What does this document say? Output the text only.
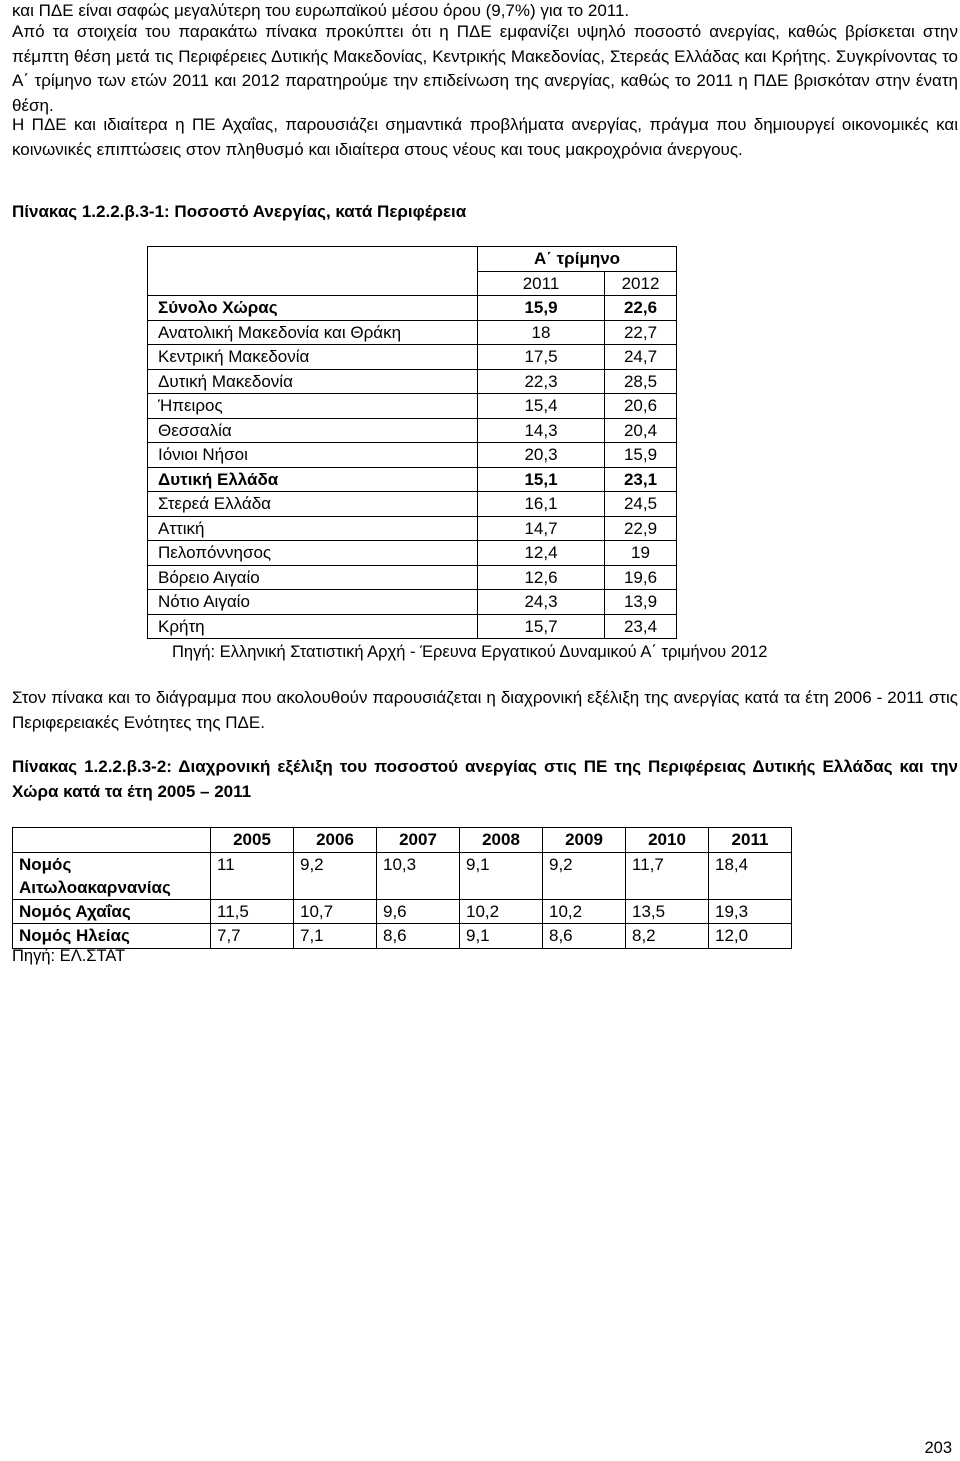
και ΠΔΕ είναι σαφώς μεγαλύτερη του ευρωπαϊκού μέσου όρου (9,7%) για το 2011.

Από τα στοιχεία του παρακάτω πίνακα προκύπτει ότι η ΠΔΕ εμφανίζει υψηλό ποσοστό ανεργίας, καθώς βρίσκεται στην πέμπτη θέση μετά τις Περιφέρειες Δυτικής Μακεδονίας, Κεντρικής Μακεδονίας, Στερεάς Ελλάδας και Κρήτης. Συγκρίνοντας το Α΄ τρίμηνο των ετών 2011 και 2012 παρατηρούμε την επιδείνωση της ανεργίας, καθώς το 2011 η ΠΔΕ βρισκόταν στην ένατη θέση.

Η ΠΔΕ και ιδιαίτερα η ΠΕ Αχαΐας, παρουσιάζει σημαντικά προβλήματα ανεργίας, πράγμα που δημιουργεί οικονομικές και κοινωνικές επιπτώσεις στον πληθυσμό και ιδιαίτερα στους νέους και τους μακροχρόνια άνεργους.

Πίνακας 1.2.2.β.3-1: Ποσοστό Ανεργίας, κατά Περιφέρεια

	Α΄ τρίμηνο	
	2011	2012
Σύνολο Χώρας	15,9	22,6
Ανατολική Μακεδονία και Θράκη	18	22,7
Κεντρική Μακεδονία	17,5	24,7
Δυτική Μακεδονία	22,3	28,5
Ήπειρος	15,4	20,6
Θεσσαλία	14,3	20,4
Ιόνιοι Νήσοι	20,3	15,9
Δυτική Ελλάδα	15,1	23,1
Στερεά Ελλάδα	16,1	24,5
Αττική	14,7	22,9
Πελοπόννησος	12,4	19
Βόρειο Αιγαίο	12,6	19,6
Νότιο Αιγαίο	24,3	13,9
Κρήτη	15,7	23,4

Πηγή: Ελληνική Στατιστική Αρχή - Έρευνα Εργατικού Δυναμικού Α΄ τριμήνου 2012

Στον πίνακα και το διάγραμμα που ακολουθούν παρουσιάζεται η διαχρονική εξέλιξη της ανεργίας κατά τα έτη 2006 - 2011 στις Περιφερειακές Ενότητες της ΠΔΕ.

Πίνακας 1.2.2.β.3-2: Διαχρονική εξέλιξη του ποσοστού ανεργίας στις ΠΕ της Περιφέρειας Δυτικής Ελλάδας και την Χώρα κατά τα έτη 2005 – 2011

	2005	2006	2007	2008	2009	2010	2011
Νομός Αιτωλοακαρνανίας	11	9,2	10,3	9,1	9,2	11,7	18,4
Νομός Αχαΐας	11,5	10,7	9,6	10,2	10,2	13,5	19,3
Νομός Ηλείας	7,7	7,1	8,6	9,1	8,6	8,2	12,0

Πηγή: ΕΛ.ΣΤΑΤ

203
